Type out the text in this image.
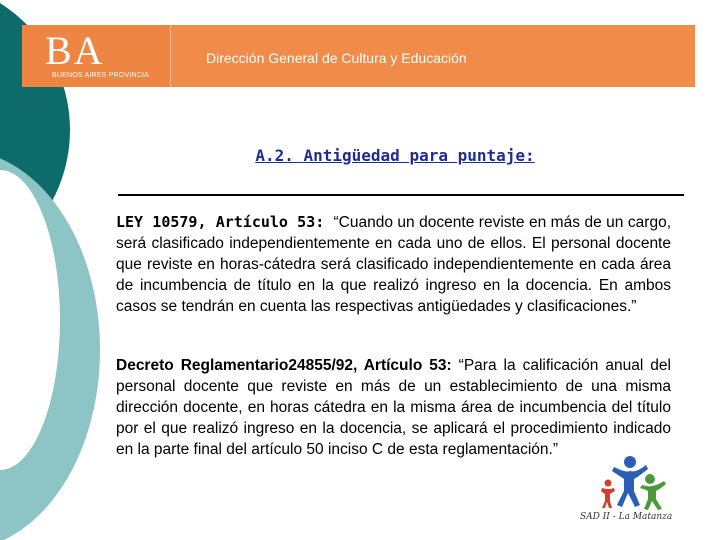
BA
BUENOS AIRES PROVINCIA
Dirección General de Cultura y Educación
A.2. Antigüedad para puntaje:
LEY 10579, Artículo 53: “Cuando un docente reviste en más de un cargo, será clasificado independientemente en cada uno de ellos. El personal docente que reviste en horas-cátedra será clasificado independientemente en cada área de incumbencia de título en la que realizó ingreso en la docencia. En ambos casos se tendrán en cuenta las respectivas antigüedades y clasificaciones.”
Decreto Reglamentario24855/92, Artículo 53: “Para la calificación anual del personal docente que reviste en más de un establecimiento de una misma dirección docente, en horas cátedra en la misma área de incumbencia del título por el que realizó ingreso en la docencia, se aplicará el procedimiento indicado en la parte final del artículo 50 inciso C de esta reglamentación.”
SAD II - La Matanza
